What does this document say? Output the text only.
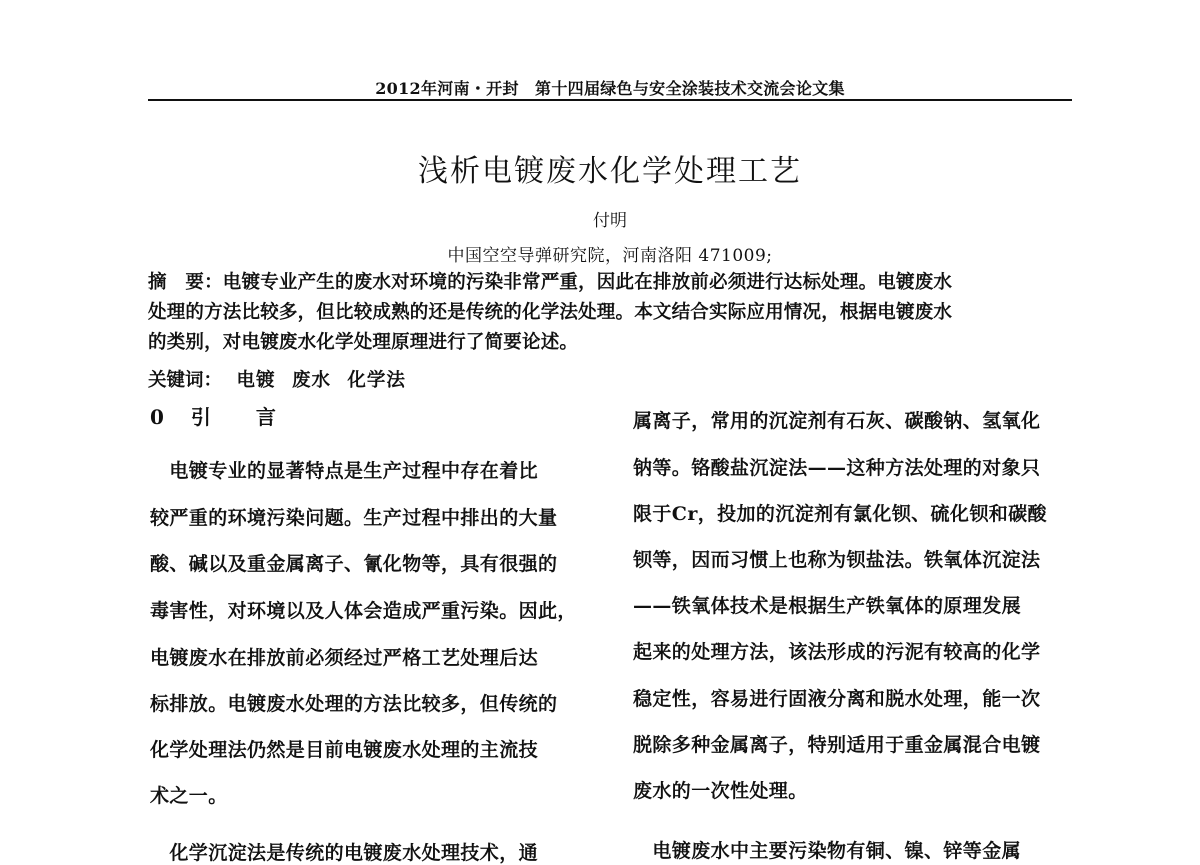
2012年河南・开封　第十四届绿色与安全涂装技术交流会论文集
浅析电镀废水化学处理工艺
付明
中国空空导弹研究院，河南洛阳 471009;
摘　要：电镀专业产生的废水对环境的污染非常严重，因此在排放前必须进行达标处理。电镀废水
处理的方法比较多，但比较成熟的还是传统的化学法处理。本文结合实际应用情况，根据电镀废水
的类别，对电镀废水化学处理原理进行了简要论述。
关键词： 电镀 废水 化学法
0 引 言
　电镀专业的显著特点是生产过程中存在着比
较严重的环境污染问题。生产过程中排出的大量
酸、碱以及重金属离子、氰化物等，具有很强的
毒害性，对环境以及人体会造成严重污染。因此，
电镀废水在排放前必须经过严格工艺处理后达
标排放。电镀废水处理的方法比较多，但传统的
化学处理法仍然是目前电镀废水处理的主流技
术之一。
　化学沉淀法是传统的电镀废水处理技术，通
属离子，常用的沉淀剂有石灰、碳酸钠、氢氧化
钠等。铬酸盐沉淀法——这种方法处理的对象只
限于Cr，投加的沉淀剂有氯化钡、硫化钡和碳酸
钡等，因而习惯上也称为钡盐法。铁氧体沉淀法
——铁氧体技术是根据生产铁氧体的原理发展
起来的处理方法，该法形成的污泥有较高的化学
稳定性，容易进行固液分离和脱水处理，能一次
脱除多种金属离子，特别适用于重金属混合电镀
废水的一次性处理。
　电镀废水中主要污染物有铜、镍、锌等金属
